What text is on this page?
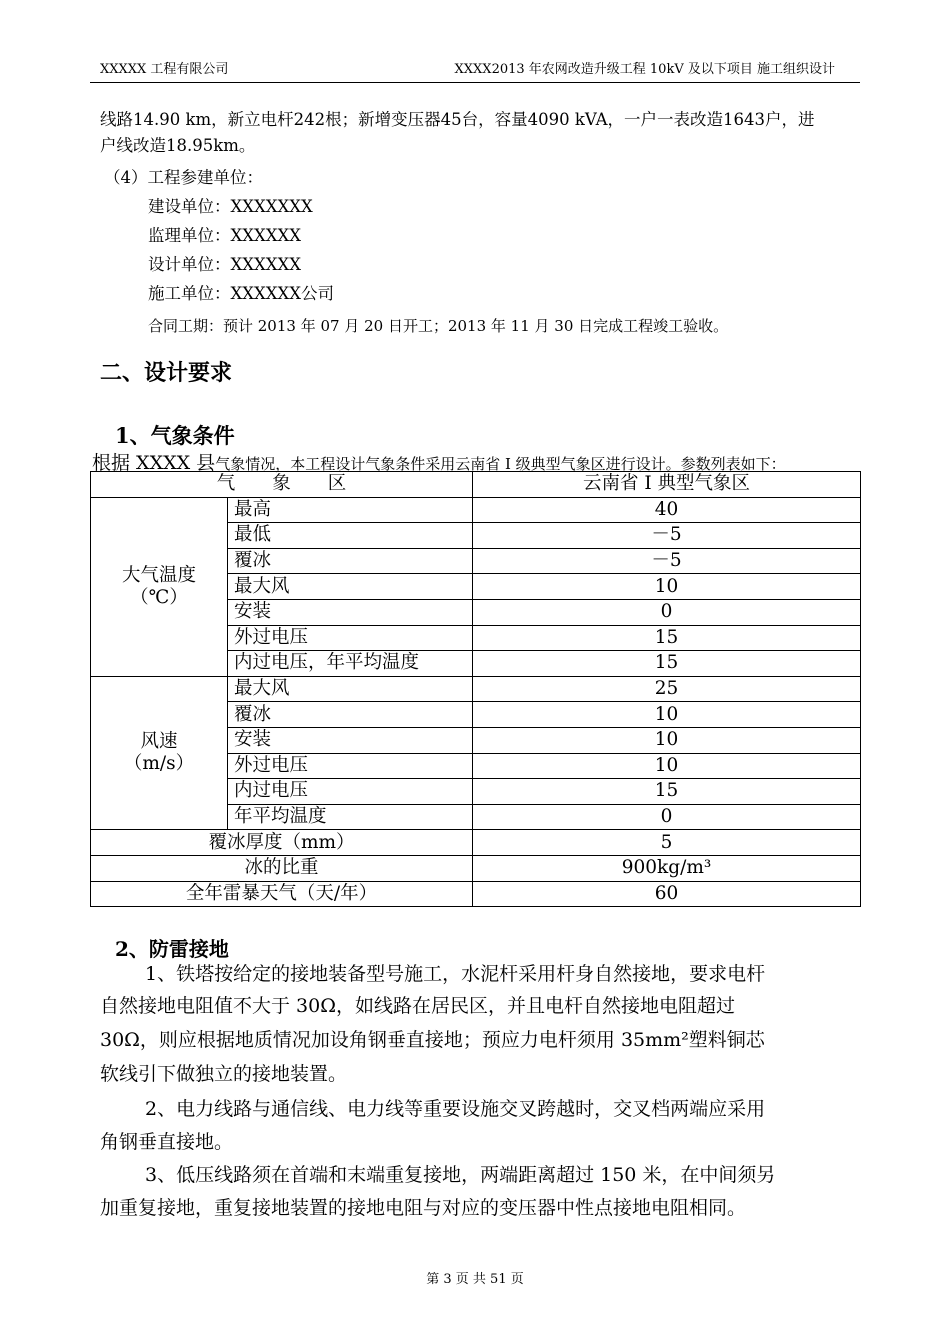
XXXXX 工程有限公司	XXXX2013 年农网改造升级工程 10kV 及以下项目 施工组织设计
线路14.90 km，新立电杆242根；新增变压器45台，容量4090 kVA，一户一表改造1643户，进
户线改造18.95km。
（4）工程参建单位：
建设单位：XXXXXXX
监理单位：XXXXXX
设计单位：XXXXXX
施工单位：XXXXXX公司
合同工期：预计 2013 年 07 月 20 日开工；2013 年 11 月 30 日完成工程竣工验收。
二、设计要求
1、气象条件
根据 XXXX 县气象情况，本工程设计气象条件采用云南省 I 级典型气象区进行设计。参数列表如下：
气　　象　　区		云南省 I 典型气象区

大气温度
（℃）	最高	40
	最低	－5
	覆冰	－5
	最大风	10
	安装	0
	外过电压	15
	内过电压，年平均温度	15

风速
（m/s）	最大风	25
	覆冰	10
	安装	10
	外过电压	10
	内过电压	15
	年平均温度	0
覆冰厚度（mm）		5
冰的比重		900kg/m³
全年雷暴天气（天/年）		60
2、防雷接地
1、铁塔按给定的接地装备型号施工，水泥杆采用杆身自然接地，要求电杆
自然接地电阻值不大于 30Ω，如线路在居民区，并且电杆自然接地电阻超过
30Ω，则应根据地质情况加设角钢垂直接地；预应力电杆须用 35mm²塑料铜芯
软线引下做独立的接地装置。
2、电力线路与通信线、电力线等重要设施交叉跨越时，交叉档两端应采用
角钢垂直接地。
3、低压线路须在首端和末端重复接地，两端距离超过 150 米，在中间须另
加重复接地，重复接地装置的接地电阻与对应的变压器中性点接地电阻相同。
第 3 页 共 51 页
